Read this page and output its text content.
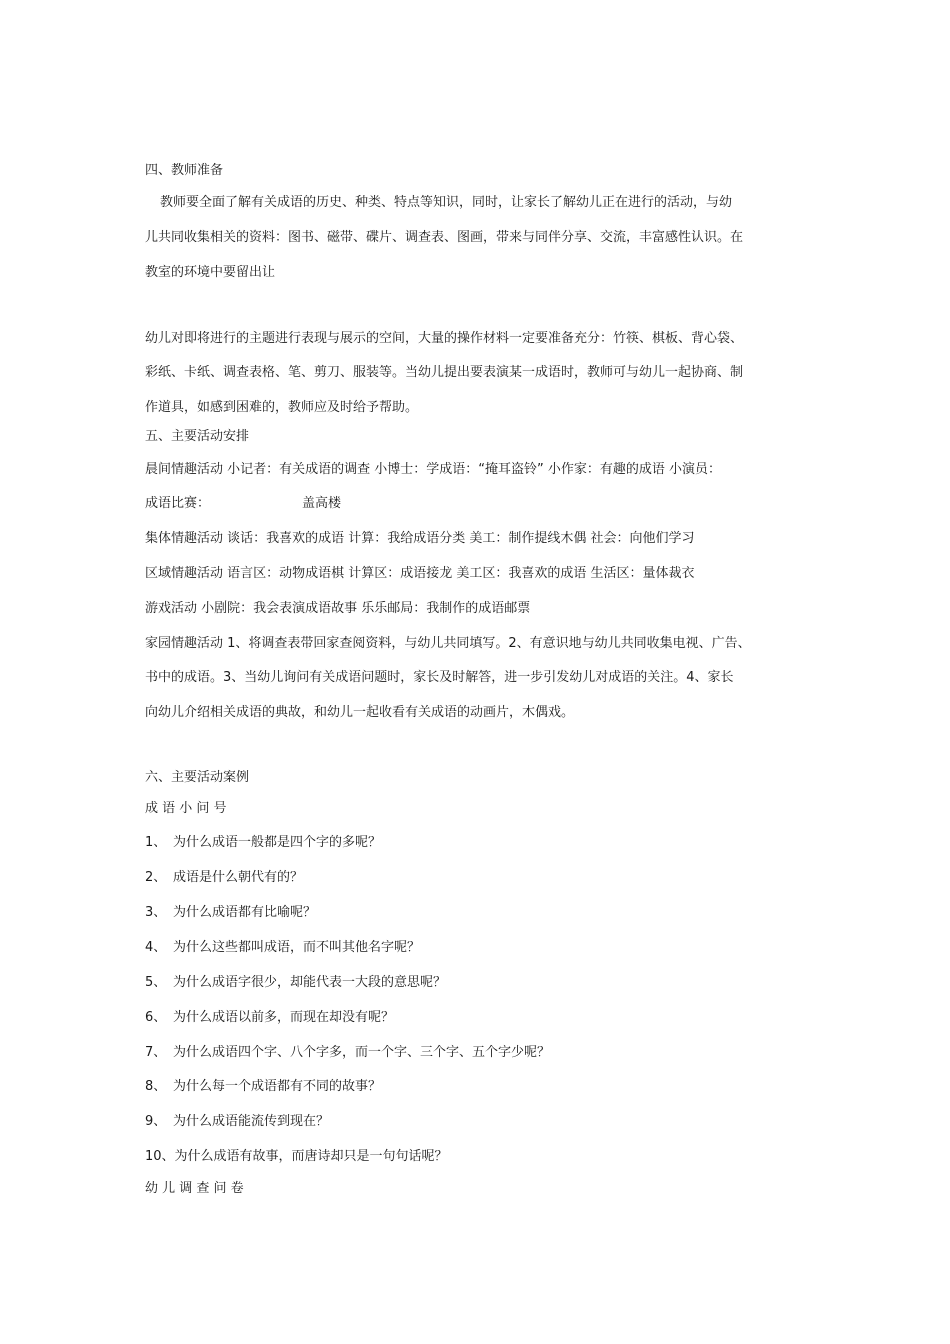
四、教师准备
教师要全面了解有关成语的历史、种类、特点等知识，同时，让家长了解幼儿正在进行的活动，与幼
儿共同收集相关的资料：图书、磁带、碟片、调查表、图画，带来与同伴分享、交流，丰富感性认识。在
教室的环境中要留出让
幼儿对即将进行的主题进行表现与展示的空间，大量的操作材料一定要准备充分：竹筷、棋板、背心袋、
彩纸、卡纸、调查表格、笔、剪刀、服装等。当幼儿提出要表演某一成语时，教师可与幼儿一起协商、制
作道具，如感到困难的，教师应及时给予帮助。
五、主要活动安排
晨间情趣活动 小记者：有关成语的调查 小博士：学成语：“掩耳盗铃” 小作家：有趣的成语 小演员：
成语比赛：	盖高楼
集体情趣活动 谈话：我喜欢的成语 计算：我给成语分类 美工：制作提线木偶 社会：向他们学习
区域情趣活动 语言区：动物成语棋 计算区：成语接龙 美工区：我喜欢的成语 生活区：量体裁衣
游戏活动 小剧院：我会表演成语故事 乐乐邮局：我制作的成语邮票
家园情趣活动 1、将调查表带回家查阅资料，与幼儿共同填写。2、有意识地与幼儿共同收集电视、广告、
书中的成语。3、当幼儿询问有关成语问题时，家长及时解答，进一步引发幼儿对成语的关注。4、家长
向幼儿介绍相关成语的典故，和幼儿一起收看有关成语的动画片，木偶戏。
六、主要活动案例
成 语 小 问 号
1、 为什么成语一般都是四个字的多呢？
2、 成语是什么朝代有的？
3、 为什么成语都有比喻呢？
4、 为什么这些都叫成语，而不叫其他名字呢？
5、 为什么成语字很少，却能代表一大段的意思呢？
6、 为什么成语以前多，而现在却没有呢？
7、 为什么成语四个字、八个字多，而一个字、三个字、五个字少呢？
8、 为什么每一个成语都有不同的故事？
9、 为什么成语能流传到现在？
10、为什么成语有故事，而唐诗却只是一句句话呢？
幼 儿 调 查 问 卷
